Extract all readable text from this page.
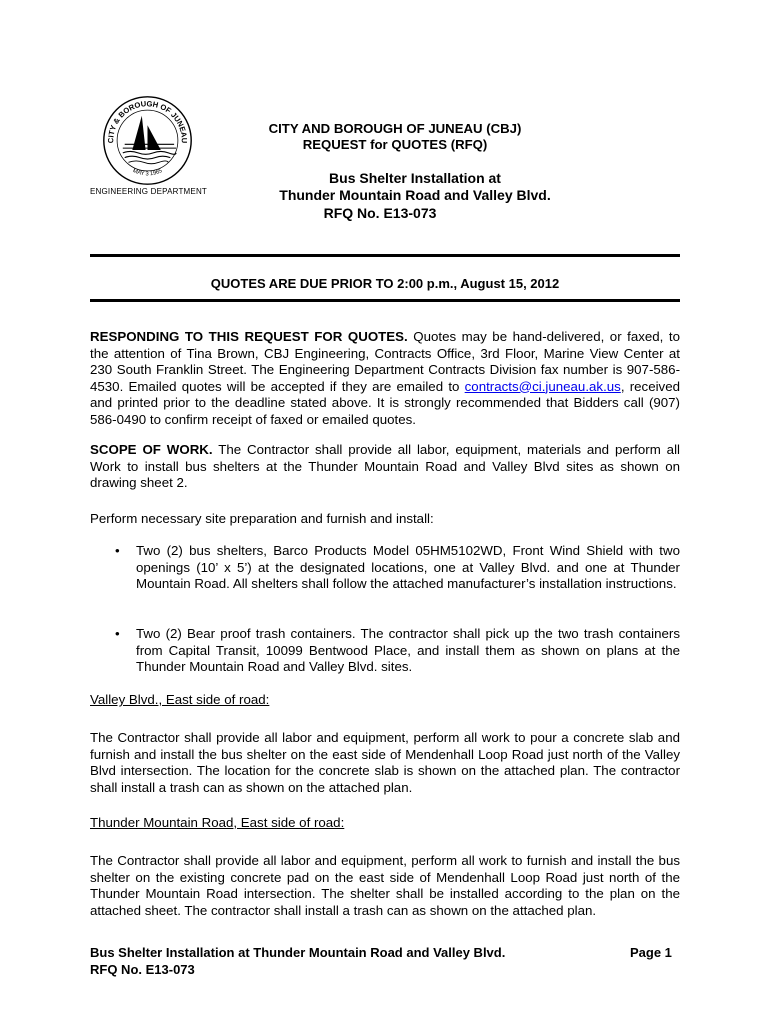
CITY & BOROUGH OF JUNEAU
MAY 3 1965
ENGINEERING DEPARTMENT
CITY AND BOROUGH OF JUNEAU (CBJ)
REQUEST for QUOTES (RFQ)
Bus Shelter Installation at
Thunder Mountain Road and Valley Blvd.
RFQ No. E13-073
QUOTES ARE DUE PRIOR TO 2:00 p.m., August 15, 2012
RESPONDING TO THIS REQUEST FOR QUOTES. Quotes may be hand-delivered, or faxed, to the attention of Tina Brown, CBJ Engineering, Contracts Office, 3rd Floor, Marine View Center at 230 South Franklin Street. The Engineering Department Contracts Division fax number is 907-586-4530. Emailed quotes will be accepted if they are emailed to contracts@ci.juneau.ak.us, received and printed prior to the deadline stated above. It is strongly recommended that Bidders call (907) 586-0490 to confirm receipt of faxed or emailed quotes.
SCOPE OF WORK. The Contractor shall provide all labor, equipment, materials and perform all Work to install bus shelters at the Thunder Mountain Road and Valley Blvd sites as shown on drawing sheet 2.
Perform necessary site preparation and furnish and install:
• Two (2) bus shelters, Barco Products Model 05HM5102WD, Front Wind Shield with two openings (10’ x 5’) at the designated locations, one at Valley Blvd. and one at Thunder Mountain Road. All shelters shall follow the attached manufacturer’s installation instructions.
• Two (2) Bear proof trash containers. The contractor shall pick up the two trash containers from Capital Transit, 10099 Bentwood Place, and install them as shown on plans at the Thunder Mountain Road and Valley Blvd. sites.
Valley Blvd., East side of road:
The Contractor shall provide all labor and equipment, perform all work to pour a concrete slab and furnish and install the bus shelter on the east side of Mendenhall Loop Road just north of the Valley Blvd intersection. The location for the concrete slab is shown on the attached plan. The contractor shall install a trash can as shown on the attached plan.
Thunder Mountain Road, East side of road:
The Contractor shall provide all labor and equipment, perform all work to furnish and install the bus shelter on the existing concrete pad on the east side of Mendenhall Loop Road just north of the Thunder Mountain Road intersection. The shelter shall be installed according to the plan on the attached sheet. The contractor shall install a trash can as shown on the attached plan.
Bus Shelter Installation at Thunder Mountain Road and Valley Blvd.
RFQ No. E13-073
Page 1
